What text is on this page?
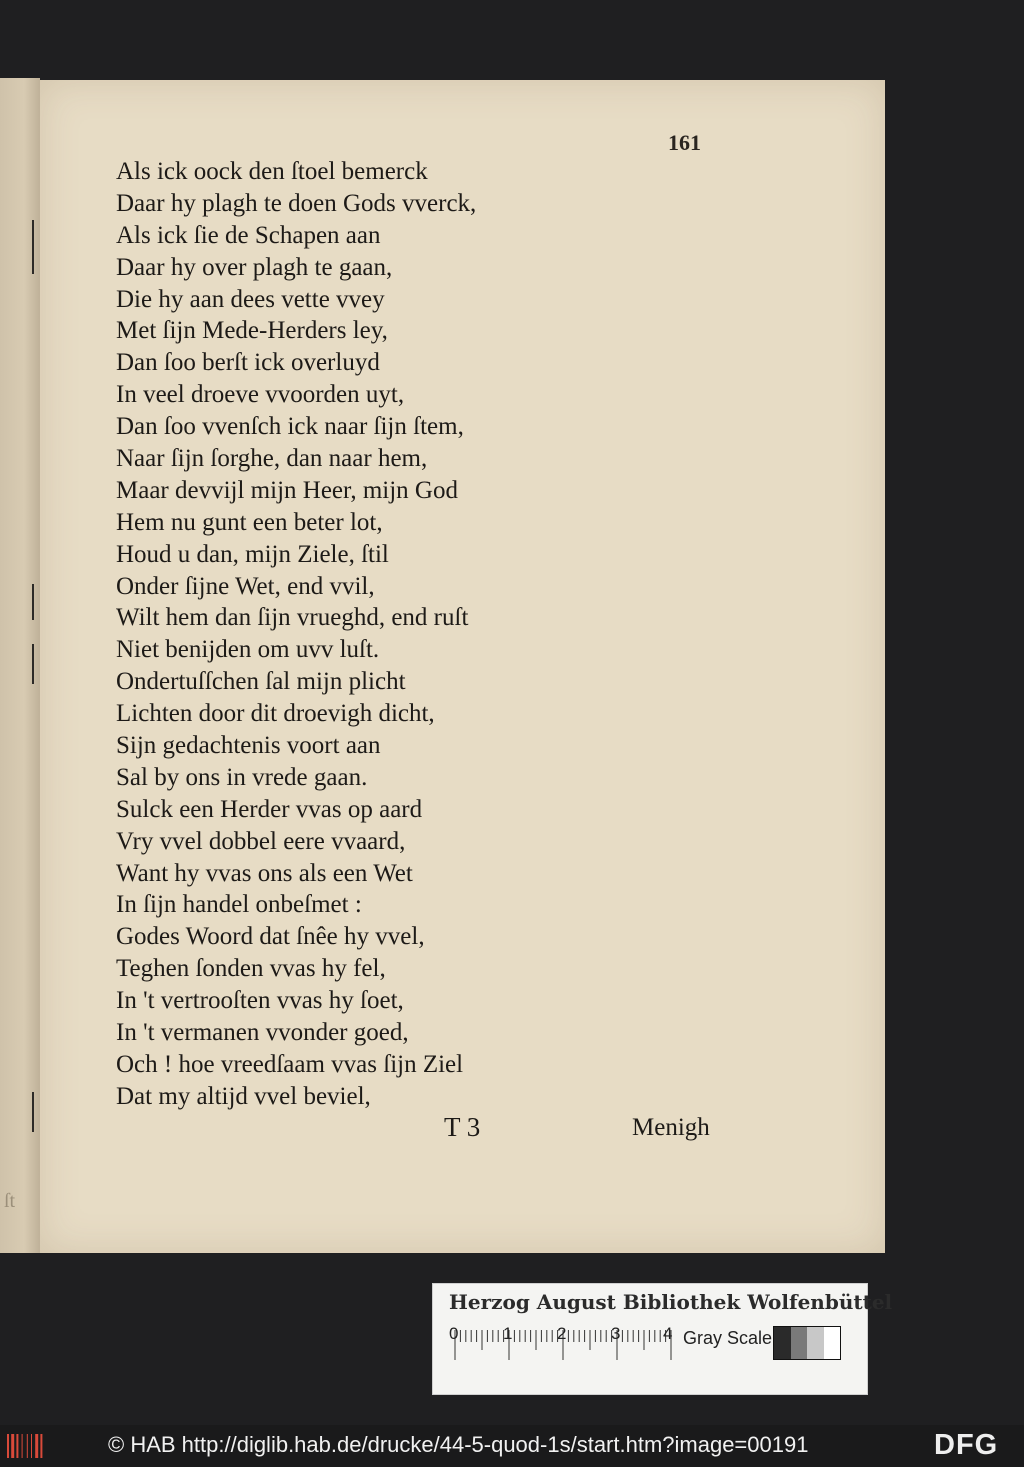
ſt
161
Als ick oock den ſtoel bemerck
Daar hy plagh te doen Gods vverck,
Als ick ſie de Schapen aan
Daar hy over plagh te gaan,
Die hy aan dees vette vvey
Met ſijn Mede-Herders ley,
Dan ſoo berſt ick overluyd
In veel droeve vvoorden uyt,
Dan ſoo vvenſch ick naar ſijn ſtem,
Naar ſijn ſorghe, dan naar hem,
Maar devvijl mijn Heer, mijn God
Hem nu gunt een beter lot,
Houd u dan, mijn Ziele, ſtil
Onder ſijne Wet, end vvil,
Wilt hem dan ſijn vrueghd, end ruſt
Niet benijden om uvv luſt.
Ondertuſſchen ſal mijn plicht
Lichten door dit droevigh dicht,
Sijn gedachtenis voort aan
Sal by ons in vrede gaan.
Sulck een Herder vvas op aard
Vry vvel dobbel eere vvaard,
Want hy vvas ons als een Wet
In ſijn handel onbeſmet :
Godes Woord dat ſnêe hy vvel,
Teghen ſonden vvas hy fel,
In 't vertrooſten vvas hy ſoet,
In 't vermanen vvonder goed,
Och ! hoe vreedſaam vvas ſijn Ziel
Dat my altijd vvel beviel,
T 3	Menigh
Herzog August Bibliothek Wolfenbüttel
0	1	2	3	4 Gray Scale
© HAB http://diglib.hab.de/drucke/44-5-quod-1s/start.htm?image=00191	DFG
